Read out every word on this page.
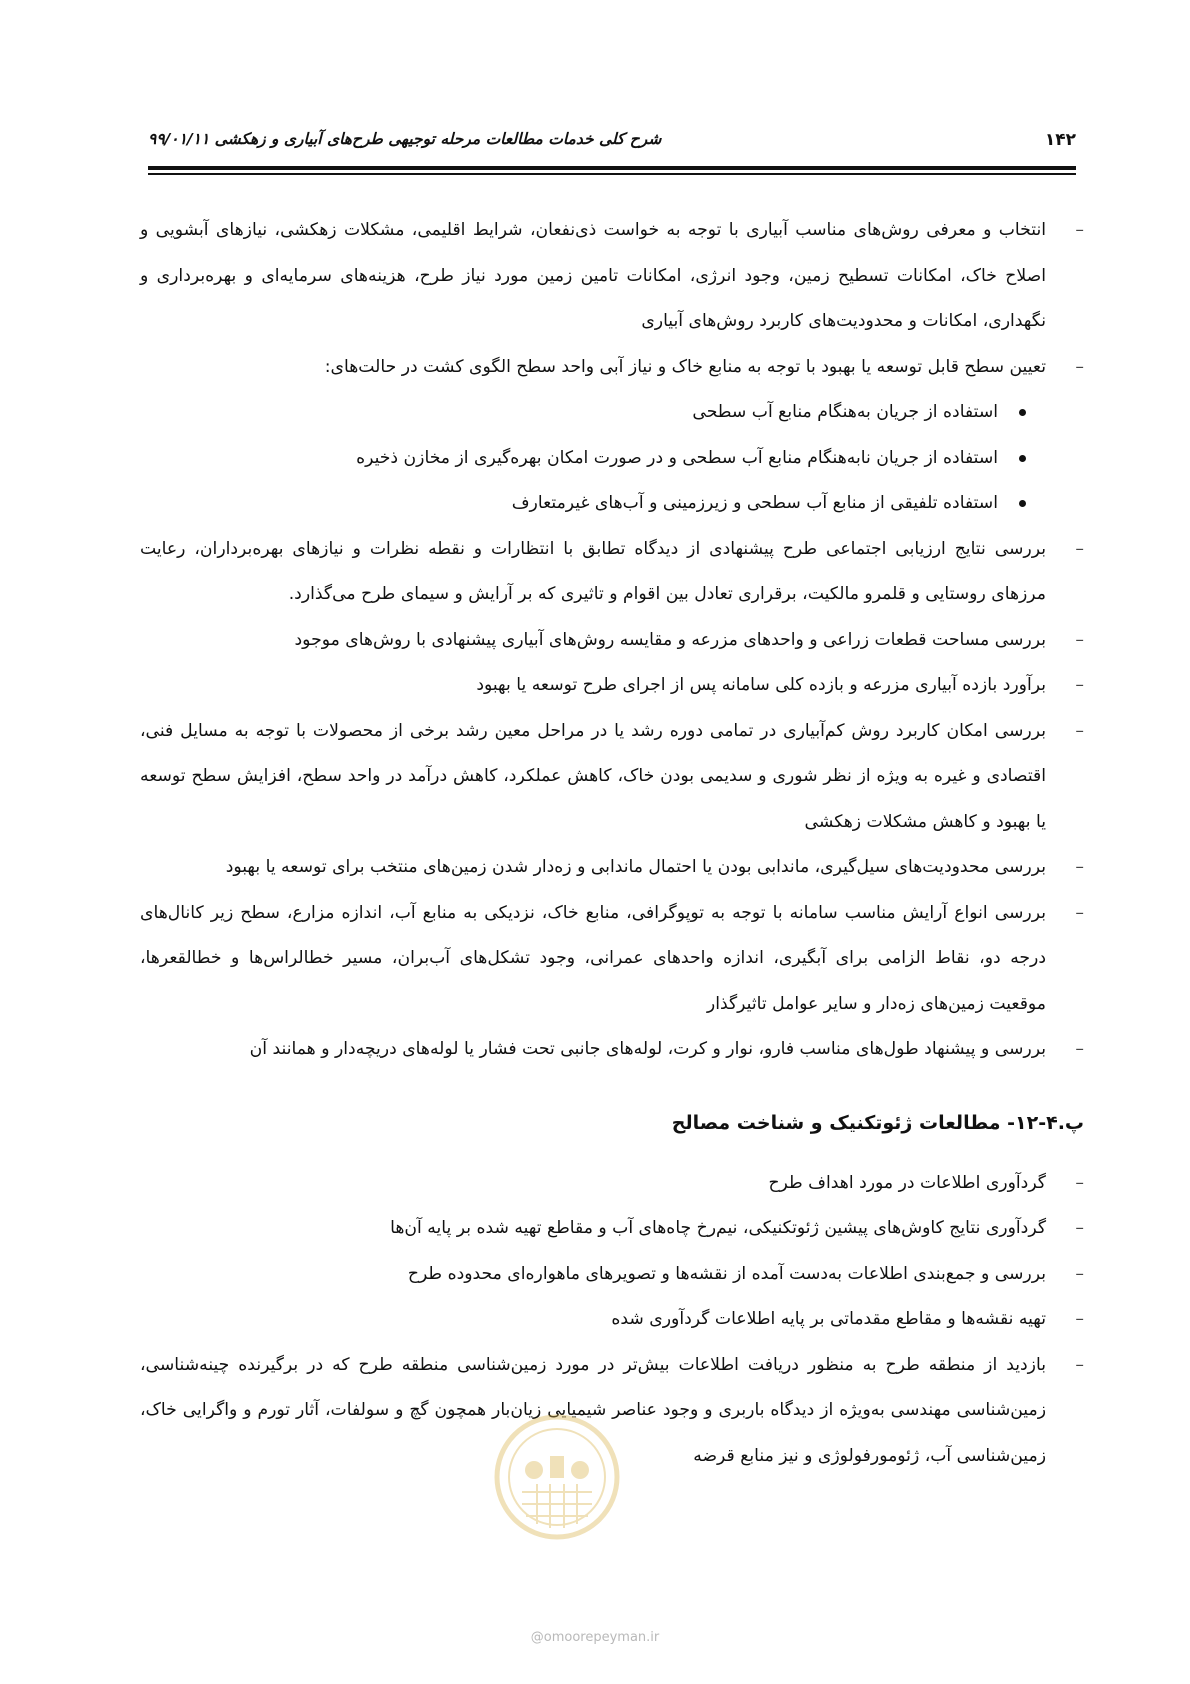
۱۴۲
شرح کلی خدمات مطالعات مرحله توجیهی طرح‌های آبیاری و زهکشی ۹۹/۰۱/۱۱
–
انتخاب و معرفی روش‌های مناسب آبیاری با توجه به خواست ذی‌نفعان، شرایط اقلیمی، مشکلات زهکشی، نیازهای آبشویی و اصلاح خاک، امکانات تسطیح زمین، وجود انرژی، امکانات تامین زمین مورد نیاز طرح، هزینه‌های سرمایه‌ای و بهره‌برداری و نگهداری، امکانات و محدودیت‌های کاربرد روش‌های آبیاری
–
تعیین سطح قابل توسعه یا بهبود با توجه به منابع خاک و نیاز آبی واحد سطح الگوی کشت در حالت‌های:
استفاده از جریان به‌هنگام منابع آب سطحی
استفاده از جریان نابه‌هنگام منابع آب سطحی و در صورت امکان بهره‌گیری از مخازن ذخیره
استفاده تلفیقی از منابع آب سطحی و زیرزمینی و آب‌های غیرمتعارف
–
بررسی نتایج ارزیابی اجتماعی طرح پیشنهادی از دیدگاه تطابق با انتظارات و نقطه نظرات و نیازهای بهره‌برداران، رعایت مرزهای روستایی و قلمرو مالکیت، برقراری تعادل بین اقوام و تاثیری که بر آرایش و سیمای طرح می‌گذارد.
–
بررسی مساحت قطعات زراعی و واحدهای مزرعه و مقایسه روش‌های آبیاری پیشنهادی با روش‌های موجود
–
برآورد بازده آبیاری مزرعه و بازده کلی سامانه پس از اجرای طرح توسعه یا بهبود
–
بررسی امکان کاربرد روش کم‌آبیاری در تمامی دوره رشد یا در مراحل معین رشد برخی از محصولات با توجه به مسایل فنی، اقتصادی و غیره به ویژه از نظر شوری و سدیمی بودن خاک، کاهش عملکرد، کاهش درآمد در واحد سطح، افزایش سطح توسعه یا بهبود و کاهش مشکلات زهکشی
–
بررسی محدودیت‌های سیل‌گیری، ماندابی بودن یا احتمال ماندابی و زه‌دار شدن زمین‌های منتخب برای توسعه یا بهبود
–
بررسی انواع آرایش مناسب سامانه با توجه به توپوگرافی، منابع خاک، نزدیکی به منابع آب، اندازه مزارع، سطح زیر کانال‌های درجه دو، نقاط الزامی برای آبگیری، اندازه واحدهای عمرانی، وجود تشکل‌های آب‌بران، مسیر خطالراس‌ها و خطالقعرها، موقعیت زمین‌های زه‌دار و سایر عوامل تاثیرگذار
–
بررسی و پیشنهاد طول‌های مناسب فارو، نوار و کرت، لوله‌های جانبی تحت فشار یا لوله‌های دریچه‌دار و همانند آن
پ.۴-۱۲- مطالعات ژئوتکنیک و شناخت مصالح
–
گردآوری اطلاعات در مورد اهداف طرح
–
گردآوری نتایج کاوش‌های پیشین ژئوتکنیکی، نیم‌رخ چاه‌های آب و مقاطع تهیه شده بر پایه آن‌ها
–
بررسی و جمع‌بندی اطلاعات به‌دست آمده از نقشه‌ها و تصویرهای ماهواره‌ای محدوده طرح
–
تهیه نقشه‌ها و مقاطع مقدماتی بر پایه اطلاعات گردآوری شده
–
بازدید از منطقه طرح به منظور دریافت اطلاعات بیش‌تر در مورد زمین‌شناسی منطقه طرح که در برگیرنده چینه‌شناسی، زمین‌شناسی مهندسی به‌ویژه از دیدگاه باربری و وجود عناصر شیمیایی زیان‌بار همچون گچ و سولفات، آثار تورم و واگرایی خاک، زمین‌شناسی آب، ژئومورفولوژی و نیز منابع قرضه
@omoorepeyman.ir
